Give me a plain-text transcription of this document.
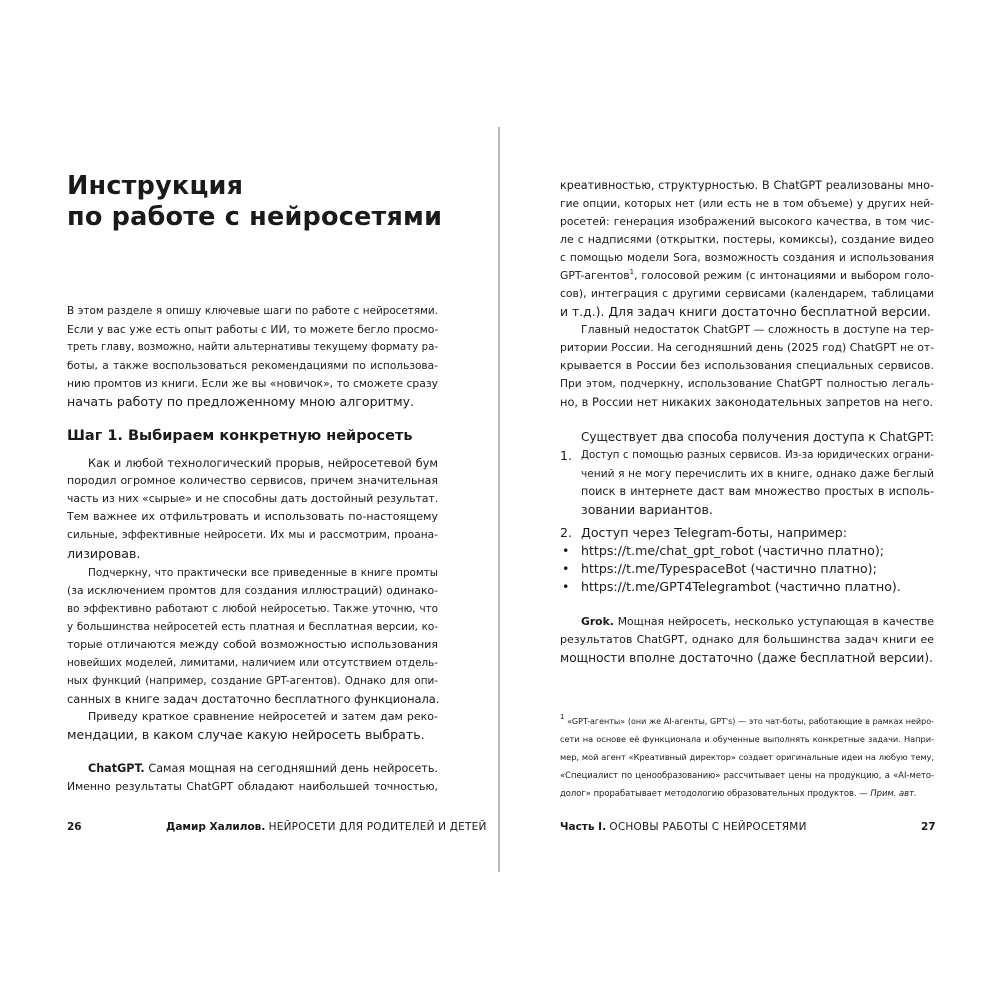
Инструкция
по работе с нейросетями
В этом разделе я опишу ключевые шаги по работе с нейросетями.
Если у вас уже есть опыт работы с ИИ, то можете бегло просмо-
треть главу, возможно, найти альтернативы текущему формату ра-
боты, а также воспользоваться рекомендациями по использова-
нию промтов из книги. Если же вы «новичок», то сможете сразу
начать работу по предложенному мною алгоритму.
Шаг 1. Выбираем конкретную нейросеть
Как и любой технологический прорыв, нейросетевой бум
породил огромное количество сервисов, причем значительная
часть из них «сырые» и не способны дать достойный результат.
Тем важнее их отфильтровать и использовать по-настоящему
сильные, эффективные нейросети. Их мы и рассмотрим, проана-
лизировав.
Подчеркну, что практически все приведенные в книге промты
(за исключением промтов для создания иллюстраций) одинако-
во эффективно работают с любой нейросетью. Также уточню, что
у большинства нейросетей есть платная и бесплатная версии, ко-
торые отличаются между собой возможностью использования
новейших моделей, лимитами, наличием или отсутствием отдель-
ных функций (например, создание GPT-агентов). Однако для опи-
санных в книге задач достаточно бесплатного функционала.
Приведу краткое сравнение нейросетей и затем дам реко-
мендации, в каком случае какую нейросеть выбрать.
ChatGPT. Самая мощная на сегодняшний день нейросеть.
Именно результаты ChatGPT обладают наибольшей точностью,
26	Дамир Халилов. НЕЙРОСЕТИ ДЛЯ РОДИТЕЛЕЙ И ДЕТЕЙ
креативностью, структурностью. В ChatGPT реализованы мно-
гие опции, которых нет (или есть не в том объеме) у других ней-
росетей: генерация изображений высокого качества, в том чис-
ле с надписями (открытки, постеры, комиксы), создание видео
с помощью модели Sora, возможность создания и использования
GPT-агентов$^1$, голосовой режим (с интонациями и выбором голо-
сов), интеграция с другими сервисами (календарем, таблицами
и т.д.). Для задач книги достаточно бесплатной версии.
Главный недостаток ChatGPT — сложность в доступе на тер-
ритории России. На сегодняшний день (2025 год) ChatGPT не от-
крывается в России без использования специальных сервисов.
При этом, подчеркну, использование ChatGPT полностью легаль-
но, в России нет никаких законодательных запретов на него.
Существует два способа получения доступа к ChatGPT:
1. Доступ с помощью разных сервисов. Из-за юридических ограни-
чений я не могу перечислить их в книге, однако даже беглый
поиск в интернете даст вам множество простых в исполь-
зовании вариантов.
2. Доступ через Telegram-боты, например:
• https://t.me/chat_gpt_robot (частично платно);
• https://t.me/TypespaceBot (частично платно);
• https://t.me/GPT4Telegrambot (частично платно).
Grok. Мощная нейросеть, несколько уступающая в качестве
результатов ChatGPT, однако для большинства задач книги ее
мощности вполне достаточно (даже бесплатной версии).
$^1$ «GPT-агенты» (они же AI-агенты, GPT's) — это чат-боты, работающие в рамках нейро-
сети на основе её функционала и обученные выполнять конкретные задачи. Напри-
мер, мой агент «Креативный директор» создает оригинальные идеи на любую тему,
«Специалист по ценообразованию» рассчитывает цены на продукцию, а «AI-мето-
долог» прорабатывает методологию образовательных продуктов. — Прим. авт.
Часть I. ОСНОВЫ РАБОТЫ С НЕЙРОСЕТЯМИ	27
